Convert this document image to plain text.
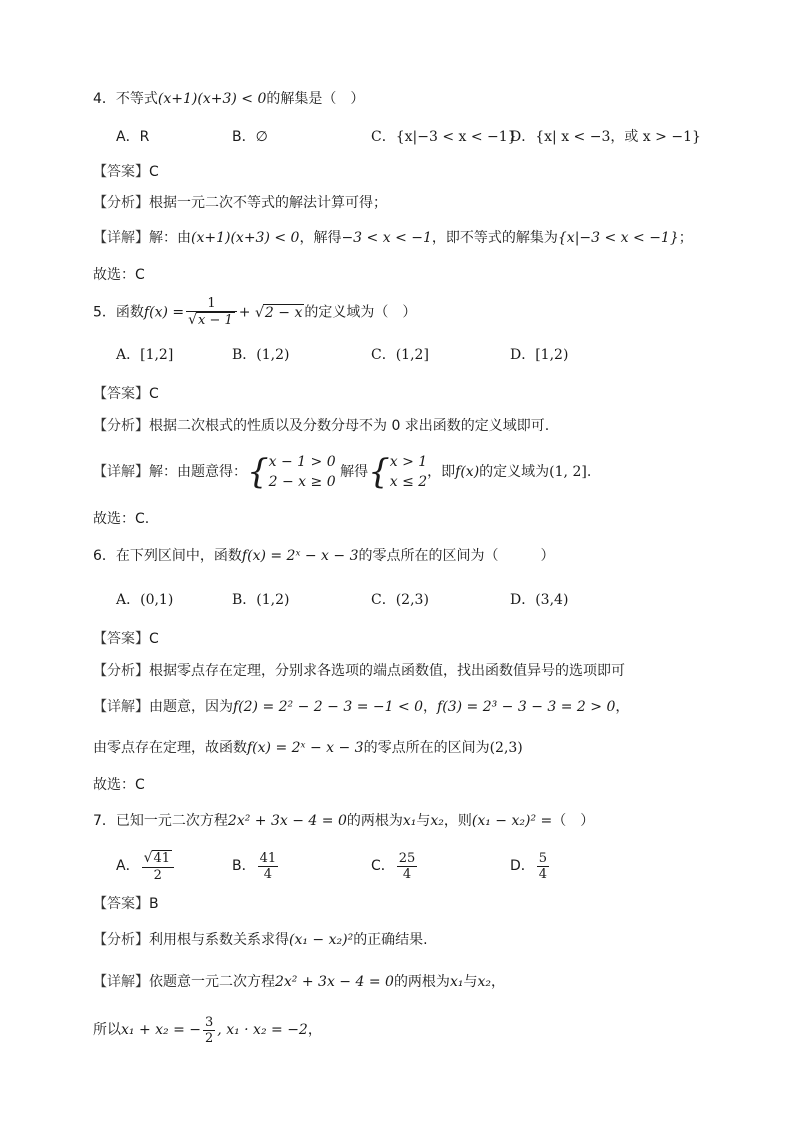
4．不等式(x+1)(x+3) < 0的解集是（　）
A．R	B．∅	C．{x|−3 < x < −1}
D．{x| x < −3，或 x > −1}
【答案】C
【分析】根据一元二次不等式的解法计算可得；
【详解】解：由(x+1)(x+3) < 0，解得−3 < x < −1，即不等式的解集为{x|−3 < x < −1}；
故选：C
5．函数$f(x) = \frac{1}{√x - 1} + √2 - x$ 的定义域为（　）
A．[1,2]	B．(1,2)	C．(1,2]	D．[1,2)
【答案】C
【分析】根据二次根式的性质以及分数分母不为 0 求出函数的定义域即可.
【详解】解：由题意得：{ x − 1 > 0
2 − x ≥ 0
解得{ x > 1
x ≤ 2
，即f(x)的定义域为(1, 2].
故选：C.
6．在下列区间中，函数f(x) = 2ˣ − x − 3的零点所在的区间为（　　　）
A．(0,1)	B．(1,2)	C．(2,3)	D．(3,4)
【答案】C
【分析】根据零点存在定理，分别求各选项的端点函数值，找出函数值异号的选项即可
【详解】由题意，因为f(2) = 2² − 2 − 3 = −1 < 0，f(3) = 2³ − 3 − 3 = 2 > 0，
由零点存在定理，故函数f(x) = 2ˣ − x − 3的零点所在的区间为(2,3)
故选：C
7．已知一元二次方程2x² + 3x − 4 = 0的两根为x₁与x₂，则(x₁ − x₂)² =（　）
A． $\frac{√41}{2}$	B． $\frac{41}{4}$	C． $\frac{25}{4}$	D． $\frac{5}{4}$
【答案】B
【分析】利用根与系数关系求得(x₁ − x₂)²的正确结果.
【详解】依题意一元二次方程2x² + 3x − 4 = 0的两根为x₁与x₂，
所以x₁ + x₂ = − $\frac{3}{2}$ , x₁ · x₂ = −2，
